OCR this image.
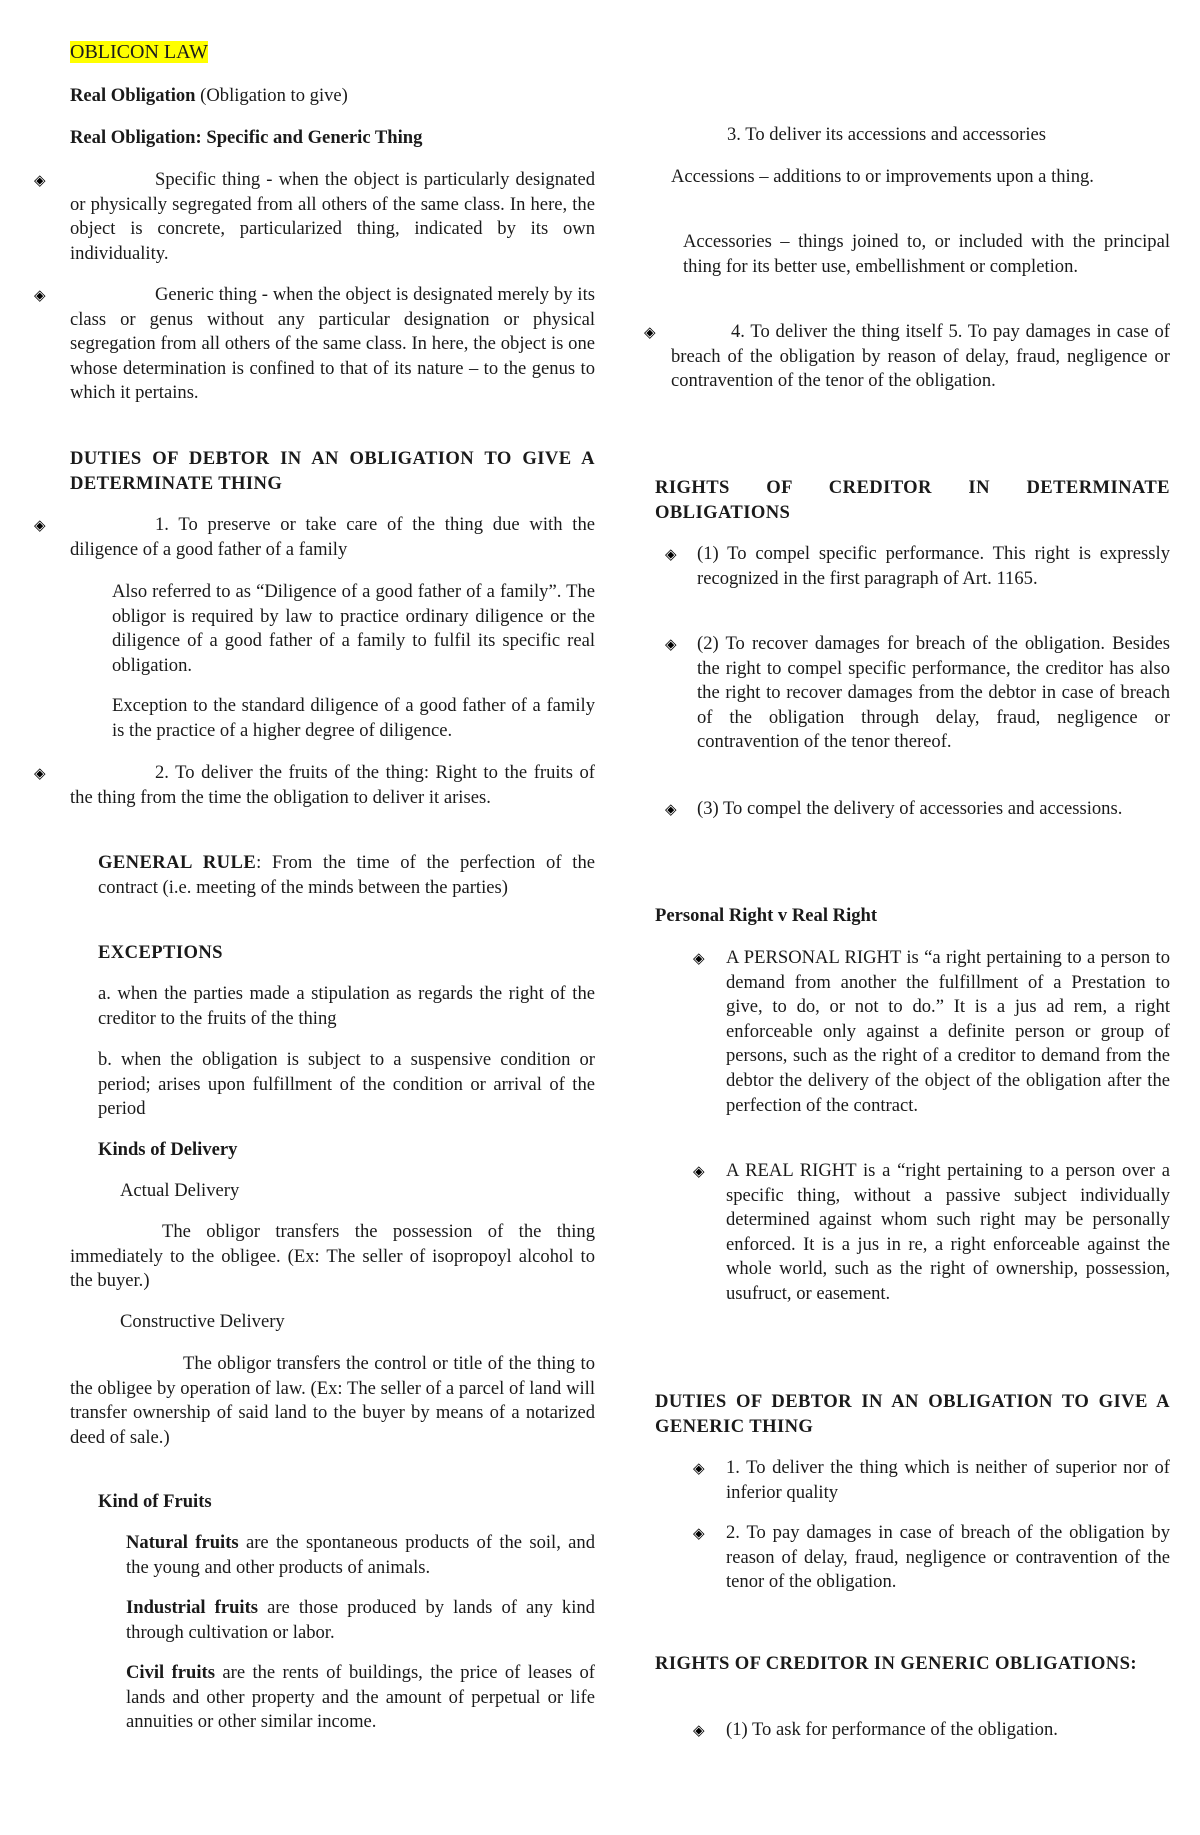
OBLICON LAW

Real Obligation (Obligation to give)

Real Obligation: Specific and Generic Thing

◈	Specific thing - when the object is particularly designated or physically segregated from all others of the same class. In here, the object is concrete, particularized thing, indicated by its own individuality.

◈	Generic thing - when the object is designated merely by its class or genus without any particular designation or physical segregation from all others of the same class. In here, the object is one whose determination is confined to that of its nature – to the genus to which it pertains.

DUTIES OF DEBTOR IN AN OBLIGATION TO GIVE A DETERMINATE THING

◈	1. To preserve or take care of the thing due with the diligence of a good father of a family

Also referred to as “Diligence of a good father of a family”. The obligor is required by law to practice ordinary diligence or the diligence of a good father of a family to fulfil its specific real obligation.

Exception to the standard diligence of a good father of a family is the practice of a higher degree of diligence.

◈	2. To deliver the fruits of the thing: Right to the fruits of the thing from the time the obligation to deliver it arises.

GENERAL RULE: From the time of the perfection of the contract (i.e. meeting of the minds between the parties)

EXCEPTIONS

a. when the parties made a stipulation as regards the right of the creditor to the fruits of the thing

b. when the obligation is subject to a suspensive condition or period; arises upon fulfillment of the condition or arrival of the period

Kinds of Delivery

Actual Delivery

The obligor transfers the possession of the thing immediately to the obligee. (Ex: The seller of isopropoyl alcohol to the buyer.)

Constructive Delivery

The obligor transfers the control or title of the thing to the obligee by operation of law. (Ex: The seller of a parcel of land will transfer ownership of said land to the buyer by means of a notarized deed of sale.)

Kind of Fruits

Natural fruits are the spontaneous products of the soil, and the young and other products of animals.

Industrial fruits are those produced by lands of any kind through cultivation or labor.

Civil fruits are the rents of buildings, the price of leases of lands and other property and the amount of perpetual or life annuities or other similar income.

3. To deliver its accessions and accessories

Accessions – additions to or improvements upon a thing.

Accessories – things joined to, or included with the principal thing for its better use, embellishment or completion.

◈	4. To deliver the thing itself 5. To pay damages in case of breach of the obligation by reason of delay, fraud, negligence or contravention of the tenor of the obligation.

RIGHTS OF CREDITOR IN DETERMINATE OBLIGATIONS

◈	(1) To compel specific performance. This right is expressly recognized in the first paragraph of Art. 1165.

◈	(2) To recover damages for breach of the obligation. Besides the right to compel specific performance, the creditor has also the right to recover damages from the debtor in case of breach of the obligation through delay, fraud, negligence or contravention of the tenor thereof.

◈	(3) To compel the delivery of accessories and accessions.

Personal Right v Real Right

◈	A PERSONAL RIGHT is “a right pertaining to a person to demand from another the fulfillment of a Prestation to give, to do, or not to do.” It is a jus ad rem, a right enforceable only against a definite person or group of persons, such as the right of a creditor to demand from the debtor the delivery of the object of the obligation after the perfection of the contract.

◈	A REAL RIGHT is a “right pertaining to a person over a specific thing, without a passive subject individually determined against whom such right may be personally enforced. It is a jus in re, a right enforceable against the whole world, such as the right of ownership, possession, usufruct, or easement.

DUTIES OF DEBTOR IN AN OBLIGATION TO GIVE A GENERIC THING

◈	1. To deliver the thing which is neither of superior nor of inferior quality

◈	2. To pay damages in case of breach of the obligation by reason of delay, fraud, negligence or contravention of the tenor of the obligation.

RIGHTS OF CREDITOR IN GENERIC OBLIGATIONS:

◈	(1) To ask for performance of the obligation.
